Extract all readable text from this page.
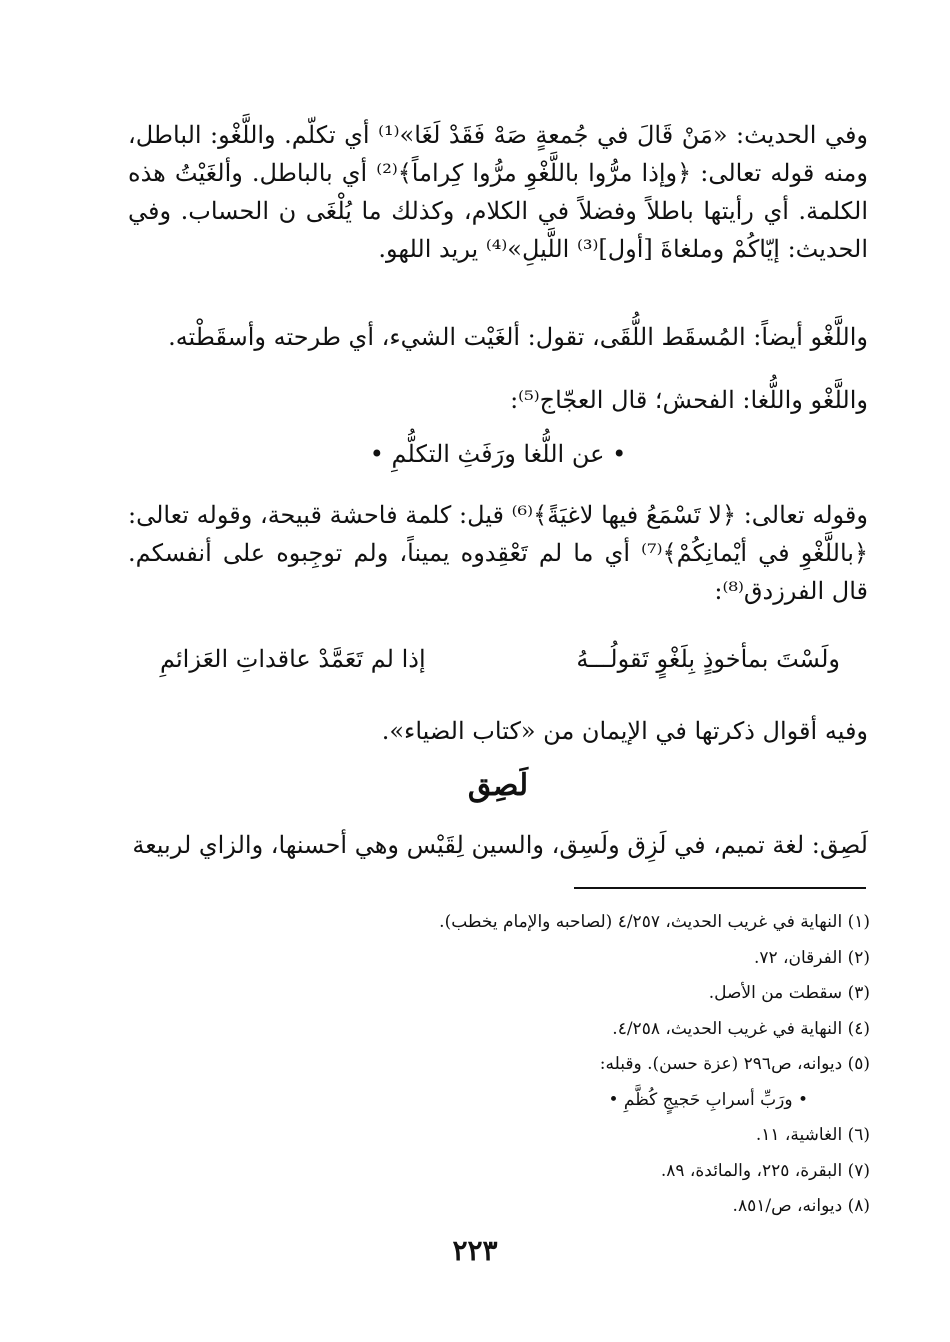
وفي الحديث: «مَنْ قَالَ في جُمعةٍ صَهْ فَقَدْ لَغَا»⁽¹⁾ أي تكلّم. واللَّغْو: الباطل، ومنه قوله تعالى: ﴿وإذا مرُّوا باللَّغْوِ مرُّوا كِراماً﴾⁽²⁾ أي بالباطل. وألغَيْتُ هذه الكلمة. أي رأيتها باطلاً وفضلاً في الكلام، وكذلك ما يُلْغَى ن الحساب. وفي الحديث: إيّاكُمْ وملغاةَ [أول]⁽³⁾ اللَّيلِ»⁽⁴⁾ يريد اللهو.
واللَّغْو أيضاً: المُسقَط اللُّقَى، تقول: ألغَيْت الشيء، أي طرحته وأسقَطْته.
واللَّغْو واللُّغا: الفحش؛ قال العجّاج⁽⁵⁾:
• عن اللُّغا ورَفَثِ التكلُّمِ •
وقوله تعالى: ﴿لا تَسْمَعُ فيها لاغيَةً﴾⁽⁶⁾ قيل: كلمة فاحشة قبيحة، وقوله تعالى: ﴿باللَّغْوِ في أيْمانِكُمْ﴾⁽⁷⁾ أي ما لم تَعْقِدوه يميناً، ولم توجِبوه على أنفسكم. قال الفرزدق⁽⁸⁾:
ولَسْتَ بمأخوذٍ بِلَغْوٍ تَقولُـــهُ
إذا لم تَعَمَّدْ عاقداتِ العَزائمِ
وفيه أقوال ذكرتها في الإيمان من «كتاب الضياء».
لَصِق
لَصِق: لغة تميم، في لَزِق ولَسِق، والسين لِقَيْس وهي أحسنها، والزاي لربيعة
(١) النهاية في غريب الحديث، ٤/٢٥٧ (لصاحبه والإمام يخطب).
(٢) الفرقان، ٧٢.
(٣) سقطت من الأصل.
(٤) النهاية في غريب الحديث، ٤/٢٥٨.
(٥) ديوانه، ص٢٩٦ (عزة حسن). وقبله:
• ورَبِّ أسرابِ حَجيجٍ كُظَّمِ •
(٦) الغاشية، ١١.
(٧) البقرة، ٢٢٥، والمائدة، ٨٩.
(٨) ديوانه، ص/٨٥١.
٢٢٣
